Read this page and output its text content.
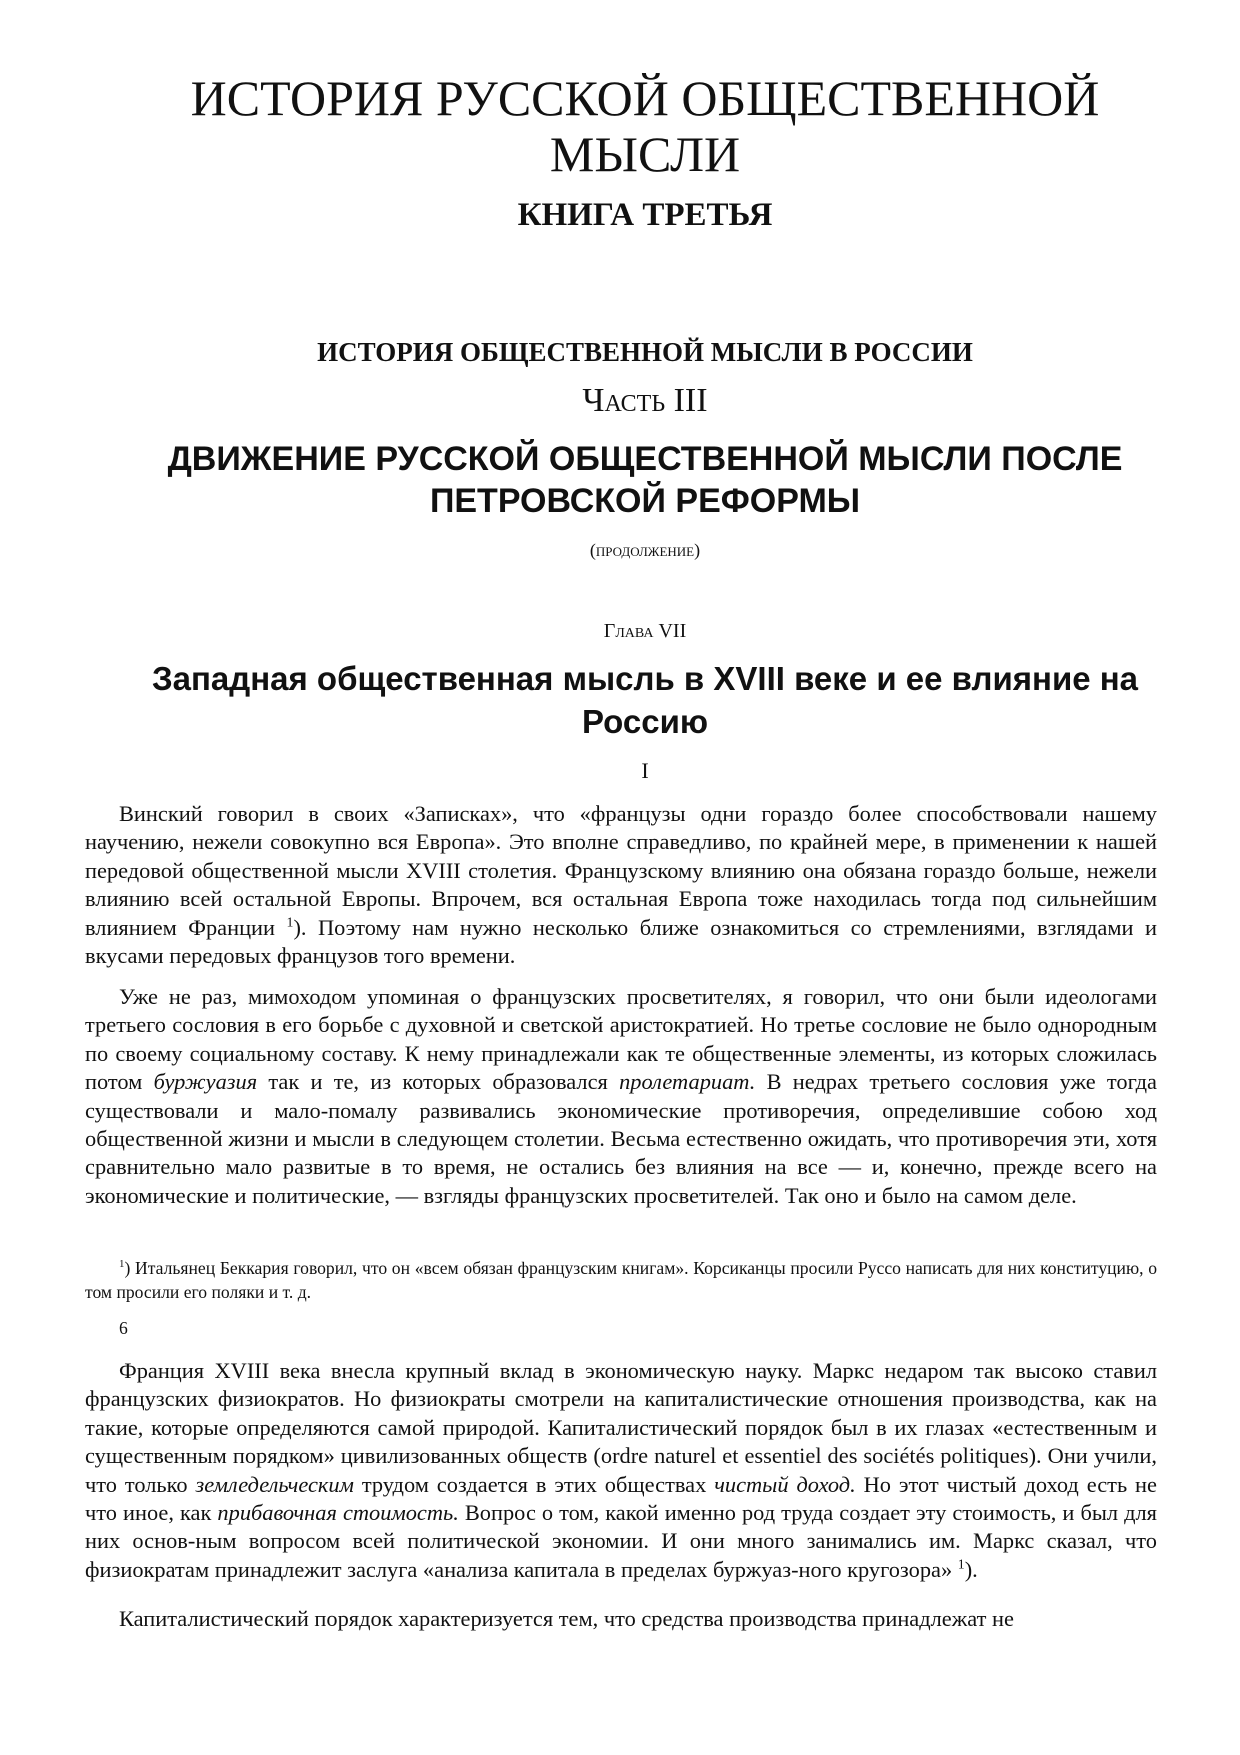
ИСТОРИЯ РУССКОЙ ОБЩЕСТВЕННОЙ МЫСЛИ
КНИГА ТРЕТЬЯ
ИСТОРИЯ ОБЩЕСТВЕННОЙ МЫСЛИ В РОССИИ
Часть III
ДВИЖЕНИЕ РУССКОЙ ОБЩЕСТВЕННОЙ МЫСЛИ ПОСЛЕ ПЕТРОВСКОЙ РЕФОРМЫ
(продолжение)
Глава VII
Западная общественная мысль в XVIII веке и ее влияние на Россию
I

Винский говорил в своих «Записках», что «французы одни гораздо более способствовали нашему научению, нежели совокупно вся Европа». Это вполне справедливо, по крайней мере, в применении к нашей передовой общественной мысли XVIII столетия. Французскому влиянию она обязана гораздо больше, нежели влиянию всей остальной Европы. Впрочем, вся остальная Европа тоже находилась тогда под сильнейшим влиянием Франции $^1$). Поэтому нам нужно несколько ближе ознакомиться со стремлениями, взглядами и вкусами передовых французов того времени.

Уже не раз, мимоходом упоминая о французских просветителях, я говорил, что они были идеологами третьего сословия в его борьбе с духовной и светской аристократией. Но третье сословие не было однородным по своему социальному составу. К нему принадлежали как те общественные элементы, из которых сложилась потом буржуазия так и те, из которых образовался пролетариат. В недрах третьего сословия уже тогда существовали и мало-помалу развивались экономические противоречия, определившие собою ход общественной жизни и мысли в следующем столетии. Весьма естественно ожидать, что противоречия эти, хотя сравнительно мало развитые в то время, не остались без влияния на все — и, конечно, прежде всего на экономические и политические, — взгляды французских просветителей. Так оно и было на самом деле.

$^1$) Итальянец Беккария говорил, что он «всем обязан французским книгам». Корсиканцы просили Руссо написать для них конституцию, о том просили его поляки и т. д.

6

Франция XVIII века внесла крупный вклад в экономическую науку. Маркс недаром так высоко ставил французских физиократов. Но физиократы смотрели на капиталистические отношения производства, как на такие, которые определяются самой природой. Капиталистический порядок был в их глазах «естественным и существенным порядком» цивилизованных обществ (ordre naturel et essentiel des sociétés politiques). Они учили, что только земледельческим трудом создается в этих обществах чистый доход. Но этот чистый доход есть не что иное, как прибавочная стоимость. Вопрос о том, какой именно род труда создает эту стоимость, и был для них основ-ным вопросом всей политической экономии. И они много занимались им. Маркс сказал, что физиократам принадлежит заслуга «анализа капитала в пределах буржуаз-ного кругозора» $^1$).

Капиталистический порядок характеризуется тем, что средства производства принадлежат не
